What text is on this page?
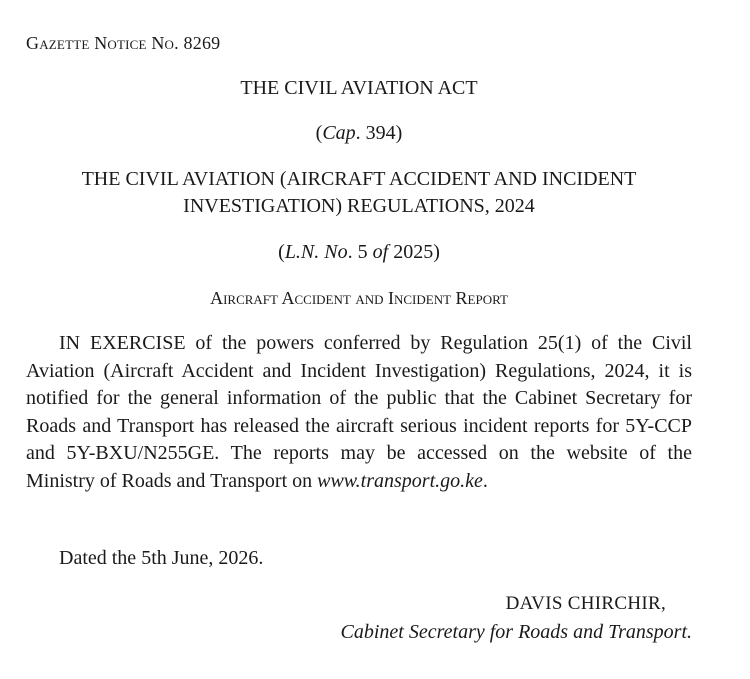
Gazette Notice No. 8269
THE CIVIL AVIATION ACT
(Cap. 394)
THE CIVIL AVIATION (AIRCRAFT ACCIDENT AND INCIDENT
INVESTIGATION) REGULATIONS, 2024
(L.N. No. 5 of 2025)
Aircraft Accident and Incident Report

IN EXERCISE of the powers conferred by Regulation 25(1) of the Civil Aviation (Aircraft Accident and Incident Investigation) Regulations, 2024, it is notified for the general information of the public that the Cabinet Secretary for Roads and Transport has released the aircraft serious incident reports for 5Y-CCP and 5Y-BXU/N255GE. The reports may be accessed on the website of the Ministry of Roads and Transport on www.transport.go.ke.

Dated the 5th June, 2026.
DAVIS CHIRCHIR,
Cabinet Secretary for Roads and Transport.
